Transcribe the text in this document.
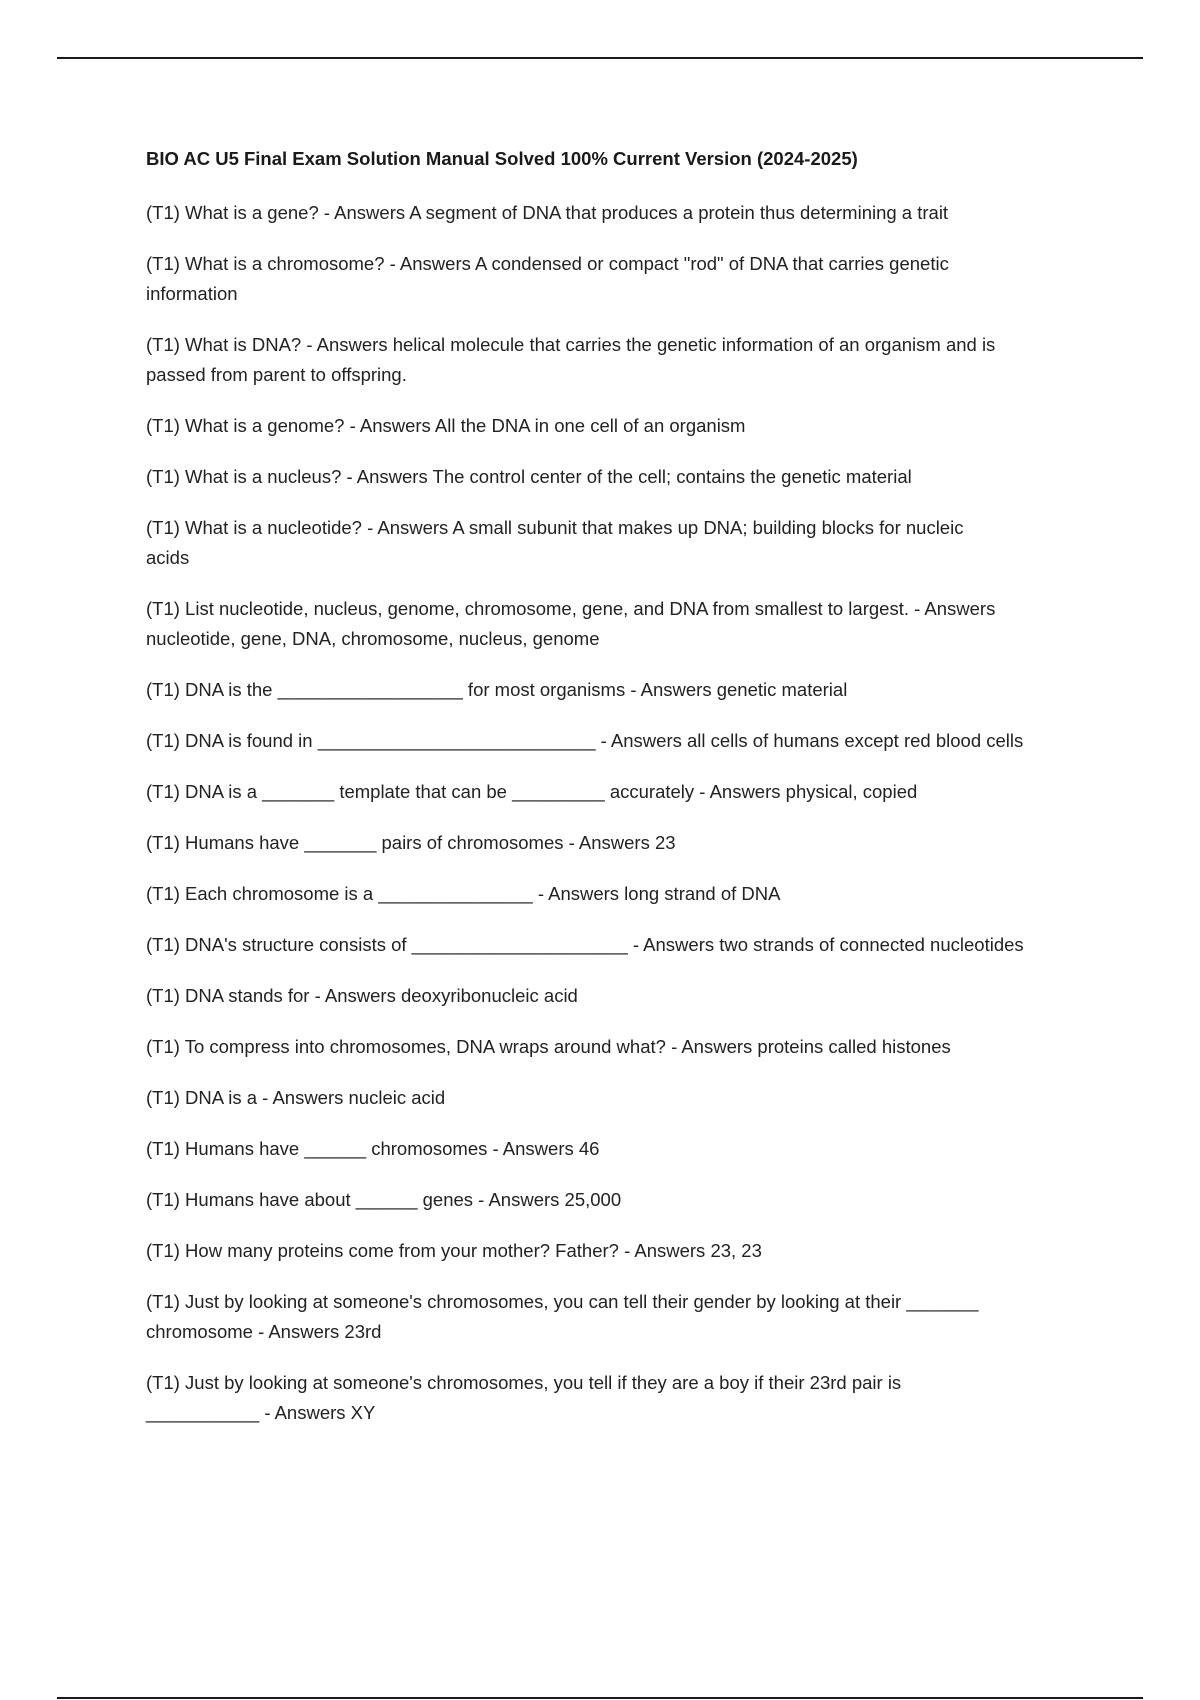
BIO AC U5 Final Exam Solution Manual Solved 100% Current Version (2024-2025)
(T1) What is a gene? - Answers A segment of DNA that produces a protein thus determining a trait
(T1) What is a chromosome? - Answers A condensed or compact "rod" of DNA that carries genetic
information
(T1) What is DNA? - Answers helical molecule that carries the genetic information of an organism and is
passed from parent to offspring.
(T1) What is a genome? - Answers All the DNA in one cell of an organism
(T1) What is a nucleus? - Answers The control center of the cell; contains the genetic material
(T1) What is a nucleotide? - Answers A small subunit that makes up DNA; building blocks for nucleic
acids
(T1) List nucleotide, nucleus, genome, chromosome, gene, and DNA from smallest to largest. - Answers
nucleotide, gene, DNA, chromosome, nucleus, genome
(T1) DNA is the __________________ for most organisms - Answers genetic material
(T1) DNA is found in ___________________________ - Answers all cells of humans except red blood cells
(T1) DNA is a _______ template that can be _________ accurately - Answers physical, copied
(T1) Humans have _______ pairs of chromosomes - Answers 23
(T1) Each chromosome is a _______________ - Answers long strand of DNA
(T1) DNA's structure consists of _____________________ - Answers two strands of connected nucleotides
(T1) DNA stands for - Answers deoxyribonucleic acid
(T1) To compress into chromosomes, DNA wraps around what? - Answers proteins called histones
(T1) DNA is a - Answers nucleic acid
(T1) Humans have ______ chromosomes - Answers 46
(T1) Humans have about ______ genes - Answers 25,000
(T1) How many proteins come from your mother? Father? - Answers 23, 23
(T1) Just by looking at someone's chromosomes, you can tell their gender by looking at their _______
chromosome - Answers 23rd
(T1) Just by looking at someone's chromosomes, you tell if they are a boy if their 23rd pair is
___________ - Answers XY
